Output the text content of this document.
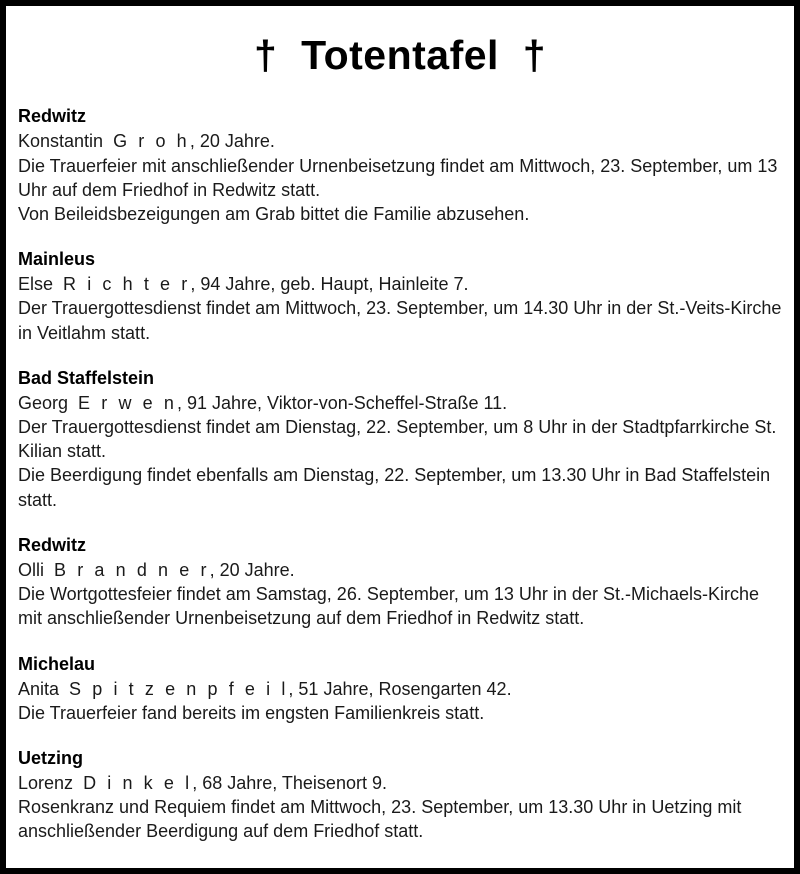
†  Totentafel  †
Redwitz
Konstantin G r o h, 20 Jahre.
Die Trauerfeier mit anschließender Urnenbeisetzung findet am Mittwoch, 23. September, um 13 Uhr auf dem Friedhof in Redwitz statt.
Von Beileidsbezeigungen am Grab bittet die Familie abzusehen.
Mainleus
Else R i c h t e r, 94 Jahre, geb. Haupt, Hainleite 7.
Der Trauergottesdienst findet am Mittwoch, 23. September, um 14.30 Uhr in der St.-Veits-Kirche in Veitlahm statt.
Bad Staffelstein
Georg E r w e n, 91 Jahre, Viktor-von-Scheffel-Straße 11.
Der Trauergottesdienst findet am Dienstag, 22. September, um 8 Uhr in der Stadtpfarrkirche St. Kilian statt.
Die Beerdigung findet ebenfalls am Dienstag, 22. September, um 13.30 Uhr in Bad Staffelstein statt.
Redwitz
Olli B r a n d n e r, 20 Jahre.
Die Wortgottesfeier findet am Samstag, 26. September, um 13 Uhr in der St.-Michaels-Kirche mit anschließender Urnenbeisetzung auf dem Friedhof in Redwitz statt.
Michelau
Anita S p i t z e n p f e i l, 51 Jahre, Rosengarten 42.
Die Trauerfeier fand bereits im engsten Familienkreis statt.
Uetzing
Lorenz D i n k e l, 68 Jahre, Theisenort 9.
Rosenkranz und Requiem findet am Mittwoch, 23. September, um 13.30 Uhr in Uetzing mit anschließender Beerdigung auf dem Friedhof statt.
